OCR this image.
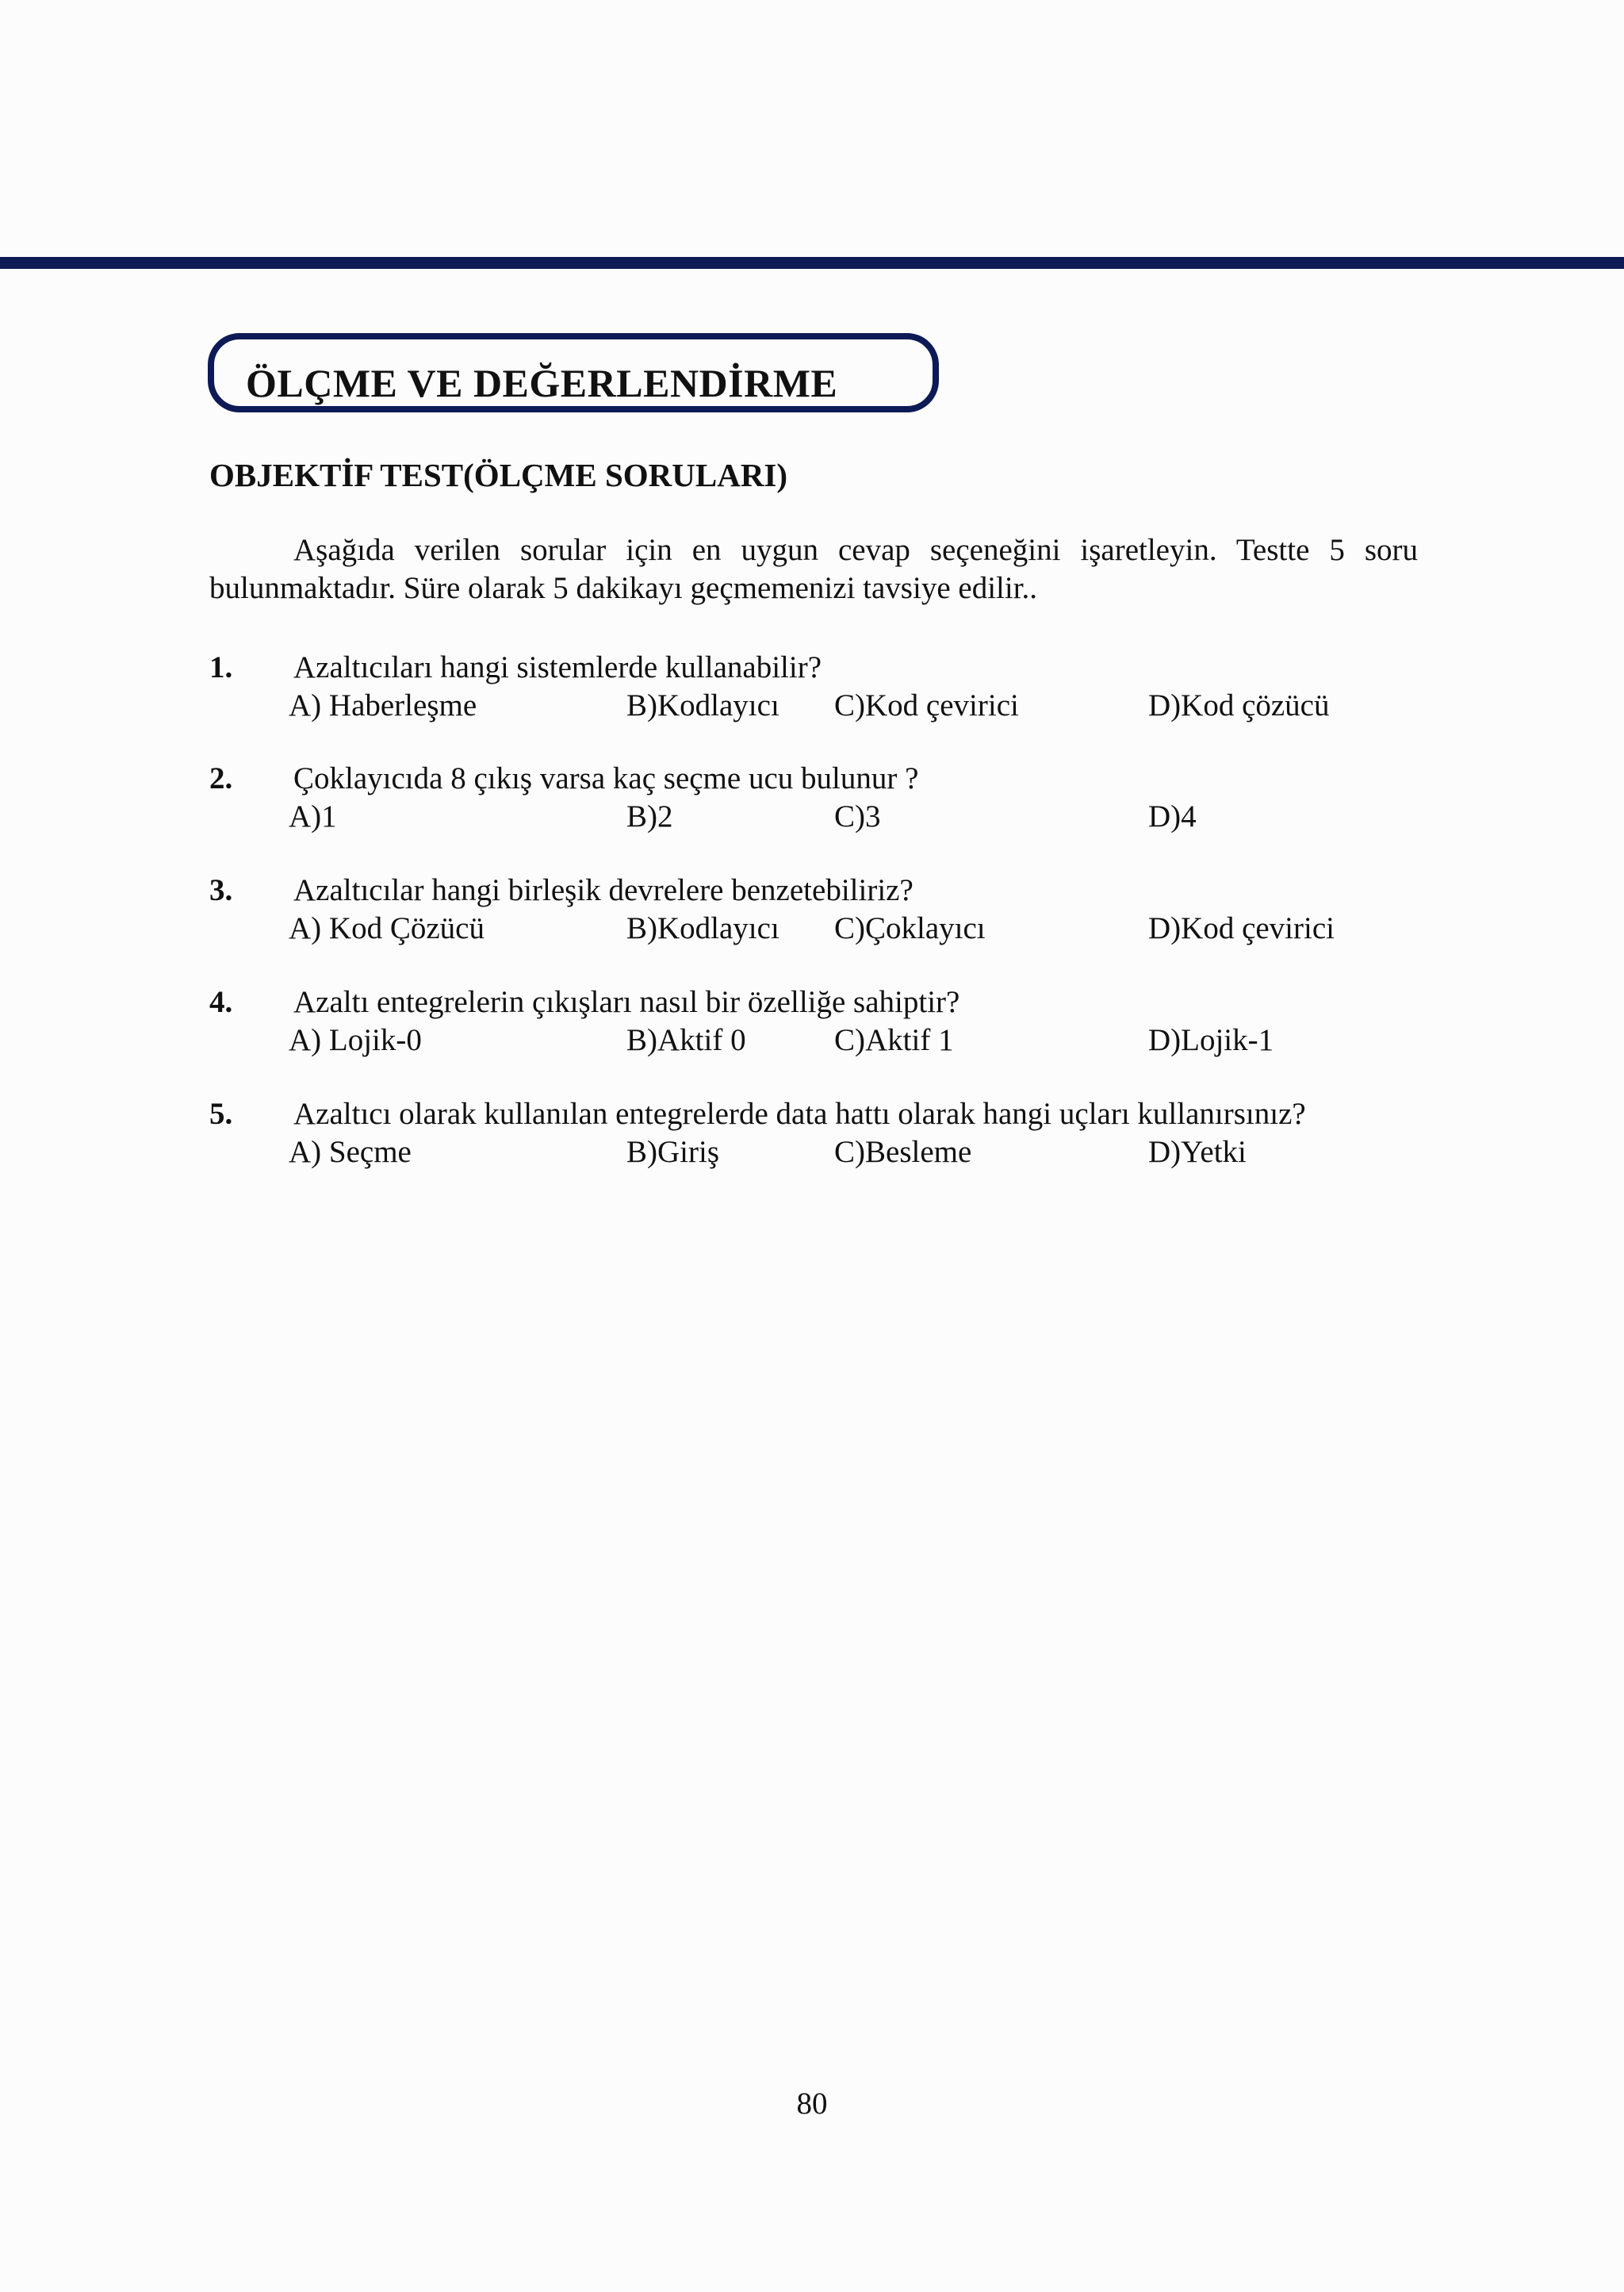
ÖLÇME VE DEĞERLENDİRME
OBJEKTİF TEST(ÖLÇME SORULARI)
Aşağıda verilen sorular için en uygun cevap seçeneğini işaretleyin. Testte 5 soru bulunmaktadır. Süre olarak 5 dakikayı geçmemenizi tavsiye edilir..
1. Azaltıcıları hangi sistemlerde kullanabilir?
A) Haberleşme	B)Kodlayıcı C)Kod çevirici	D)Kod çözücü
2. Çoklayıcıda 8 çıkış varsa kaç seçme ucu bulunur ?
A)1	B)2	C)3	D)4
3. Azaltıcılar hangi birleşik devrelere benzetebiliriz?
A) Kod Çözücü	B)Kodlayıcı C)Çoklayıcı	D)Kod çevirici
4. Azaltı entegrelerin çıkışları nasıl bir özelliğe sahiptir?
A) Lojik-0	B)Aktif 0	C)Aktif 1	D)Lojik-1
5. Azaltıcı olarak kullanılan entegrelerde data hattı olarak hangi uçları kullanırsınız?
A) Seçme	B)Giriş	C)Besleme	D)Yetki
80
